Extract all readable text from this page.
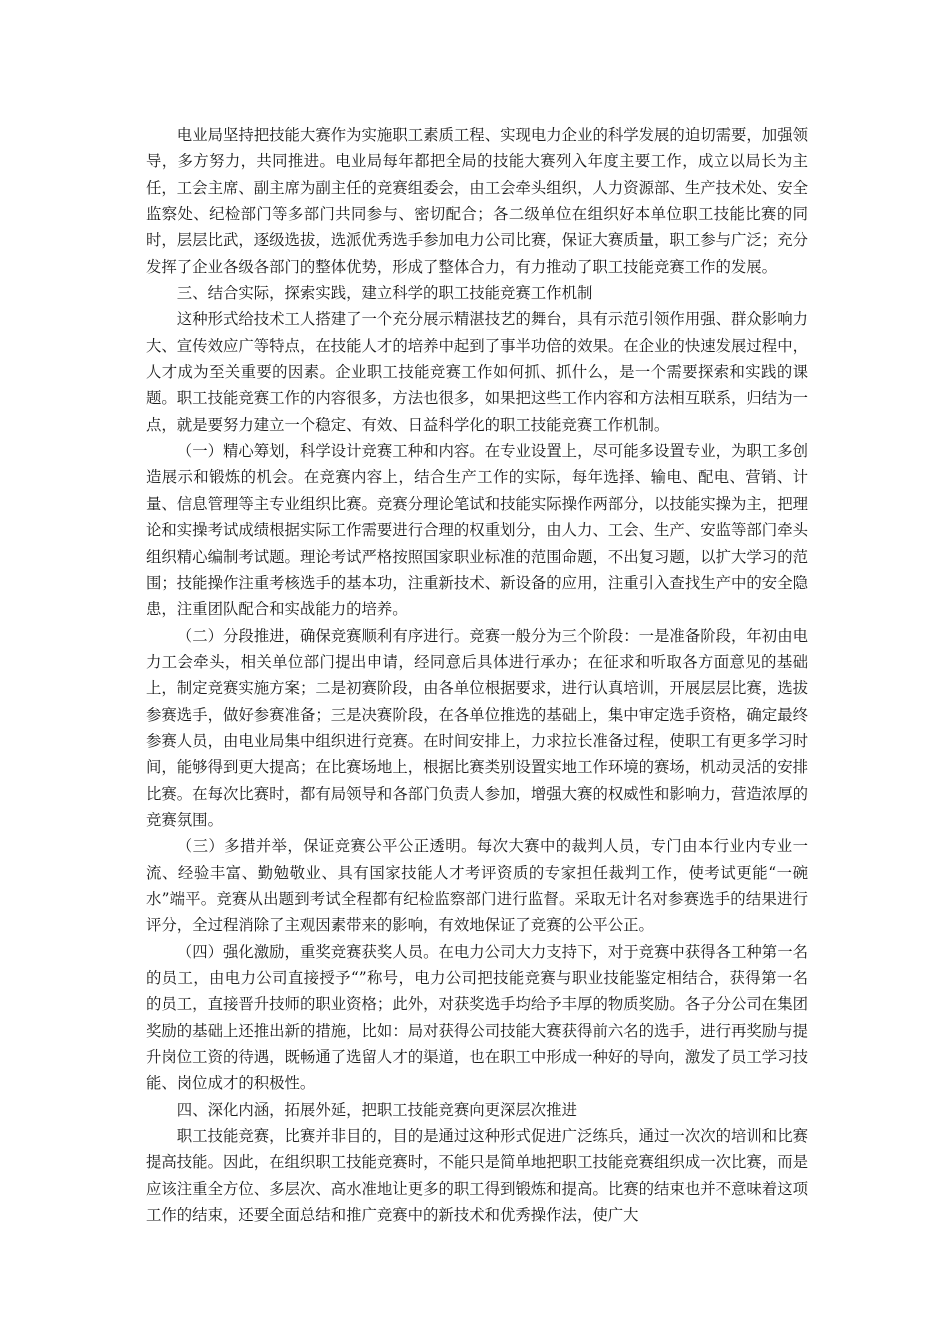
电业局坚持把技能大赛作为实施职工素质工程、实现电力企业的科学发展的迫切需要，加强领导，多方努力，共同推进。电业局每年都把全局的技能大赛列入年度主要工作，成立以局长为主任，工会主席、副主席为副主任的竞赛组委会，由工会牵头组织，人力资源部、生产技术处、安全监察处、纪检部门等多部门共同参与、密切配合；各二级单位在组织好本单位职工技能比赛的同时，层层比武，逐级选拔，选派优秀选手参加电力公司比赛，保证大赛质量，职工参与广泛；充分发挥了企业各级各部门的整体优势，形成了整体合力，有力推动了职工技能竞赛工作的发展。

三、结合实际，探索实践，建立科学的职工技能竞赛工作机制

这种形式给技术工人搭建了一个充分展示精湛技艺的舞台，具有示范引领作用强、群众影响力大、宣传效应广等特点，在技能人才的培养中起到了事半功倍的效果。在企业的快速发展过程中，人才成为至关重要的因素。企业职工技能竞赛工作如何抓、抓什么，是一个需要探索和实践的课题。职工技能竞赛工作的内容很多，方法也很多，如果把这些工作内容和方法相互联系，归结为一点，就是要努力建立一个稳定、有效、日益科学化的职工技能竞赛工作机制。

（一）精心筹划，科学设计竞赛工种和内容。在专业设置上，尽可能多设置专业，为职工多创造展示和锻炼的机会。在竞赛内容上，结合生产工作的实际，每年选择、输电、配电、营销、计量、信息管理等主专业组织比赛。竞赛分理论笔试和技能实际操作两部分，以技能实操为主，把理论和实操考试成绩根据实际工作需要进行合理的权重划分，由人力、工会、生产、安监等部门牵头组织精心编制考试题。理论考试严格按照国家职业标准的范围命题，不出复习题，以扩大学习的范围；技能操作注重考核选手的基本功，注重新技术、新设备的应用，注重引入查找生产中的安全隐患，注重团队配合和实战能力的培养。

（二）分段推进，确保竞赛顺利有序进行。竞赛一般分为三个阶段：一是准备阶段，年初由电力工会牵头，相关单位部门提出申请，经同意后具体进行承办；在征求和听取各方面意见的基础上，制定竞赛实施方案；二是初赛阶段，由各单位根据要求，进行认真培训，开展层层比赛，选拔参赛选手，做好参赛准备；三是决赛阶段，在各单位推选的基础上，集中审定选手资格，确定最终参赛人员，由电业局集中组织进行竞赛。在时间安排上，力求拉长准备过程，使职工有更多学习时间，能够得到更大提高；在比赛场地上，根据比赛类别设置实地工作环境的赛场，机动灵活的安排比赛。在每次比赛时，都有局领导和各部门负责人参加，增强大赛的权威性和影响力，营造浓厚的竞赛氛围。

（三）多措并举，保证竞赛公平公正透明。每次大赛中的裁判人员，专门由本行业内专业一流、经验丰富、勤勉敬业、具有国家技能人才考评资质的专家担任裁判工作，使考试更能“一碗水”端平。竞赛从出题到考试全程都有纪检监察部门进行监督。采取无计名对参赛选手的结果进行评分，全过程消除了主观因素带来的影响，有效地保证了竞赛的公平公正。

（四）强化激励，重奖竞赛获奖人员。在电力公司大力支持下，对于竞赛中获得各工种第一名的员工，由电力公司直接授予“”称号，电力公司把技能竞赛与职业技能鉴定相结合，获得第一名的员工，直接晋升技师的职业资格；此外，对获奖选手均给予丰厚的物质奖励。各子分公司在集团奖励的基础上还推出新的措施，比如：局对获得公司技能大赛获得前六名的选手，进行再奖励与提升岗位工资的待遇，既畅通了选留人才的渠道，也在职工中形成一种好的导向，激发了员工学习技能、岗位成才的积极性。

四、深化内涵，拓展外延，把职工技能竞赛向更深层次推进

职工技能竞赛，比赛并非目的，目的是通过这种形式促进广泛练兵，通过一次次的培训和比赛提高技能。因此，在组织职工技能竞赛时，不能只是简单地把职工技能竞赛组织成一次比赛，而是应该注重全方位、多层次、高水准地让更多的职工得到锻炼和提高。比赛的结束也并不意味着这项工作的结束，还要全面总结和推广竞赛中的新技术和优秀操作法，使广大
